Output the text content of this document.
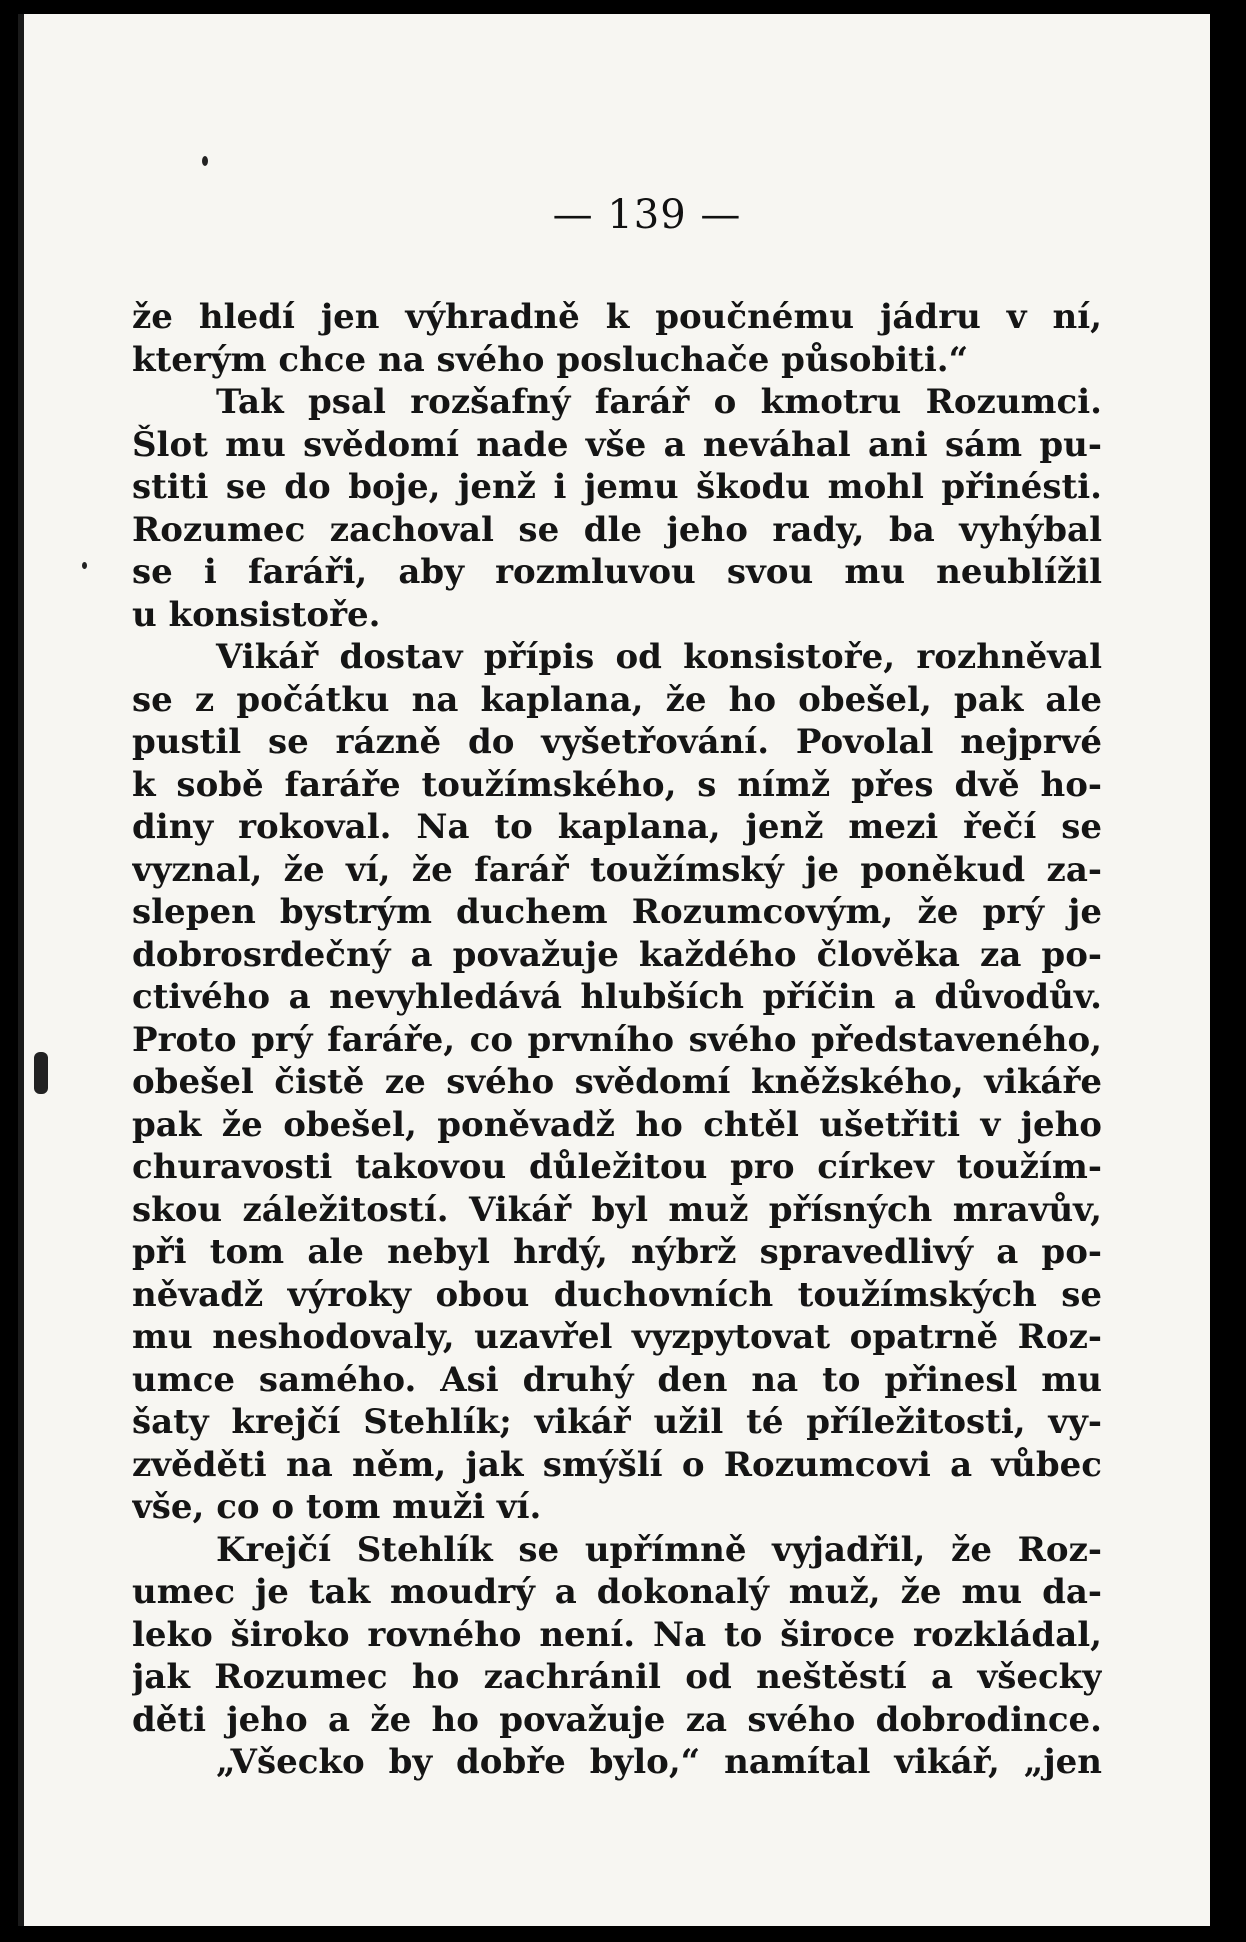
— 139 —
že hledí jen výhradně k poučnému jádru v ní,
kterým chce na svého posluchače působiti.“
Tak psal rozšafný farář o kmotru Rozumci.
Šlot mu svědomí nade vše a neváhal ani sám pu-
stiti se do boje, jenž i jemu škodu mohl přinésti.
Rozumec zachoval se dle jeho rady, ba vyhýbal
se i faráři, aby rozmluvou svou mu neublížil
u konsistoře.
Vikář dostav přípis od konsistoře, rozhněval
se z počátku na kaplana, že ho obešel, pak ale
pustil se rázně do vyšetřování. Povolal nejprvé
k sobě faráře toužímského, s nímž přes dvě ho-
diny rokoval. Na to kaplana, jenž mezi řečí se
vyznal, že ví, že farář toužímský je poněkud za-
slepen bystrým duchem Rozumcovým, že prý je
dobrosrdečný a považuje každého člověka za po-
ctivého a nevyhledává hlubších příčin a důvodův.
Proto prý faráře, co prvního svého představeného,
obešel čistě ze svého svědomí kněžského, vikáře
pak že obešel, poněvadž ho chtěl ušetřiti v jeho
churavosti takovou důležitou pro církev toužím-
skou záležitostí. Vikář byl muž přísných mravův,
při tom ale nebyl hrdý, nýbrž spravedlivý a po-
něvadž výroky obou duchovních toužímských se
mu neshodovaly, uzavřel vyzpytovat opatrně Roz-
umce samého. Asi druhý den na to přinesl mu
šaty krejčí Stehlík; vikář užil té příležitosti, vy-
zvěděti na něm, jak smýšlí o Rozumcovi a vůbec
vše, co o tom muži ví.
Krejčí Stehlík se upřímně vyjadřil, že Roz-
umec je tak moudrý a dokonalý muž, že mu da-
leko široko rovného není. Na to široce rozkládal,
jak Rozumec ho zachránil od neštěstí a všecky
děti jeho a že ho považuje za svého dobrodince.
„Všecko by dobře bylo,“ namítal vikář, „jen
